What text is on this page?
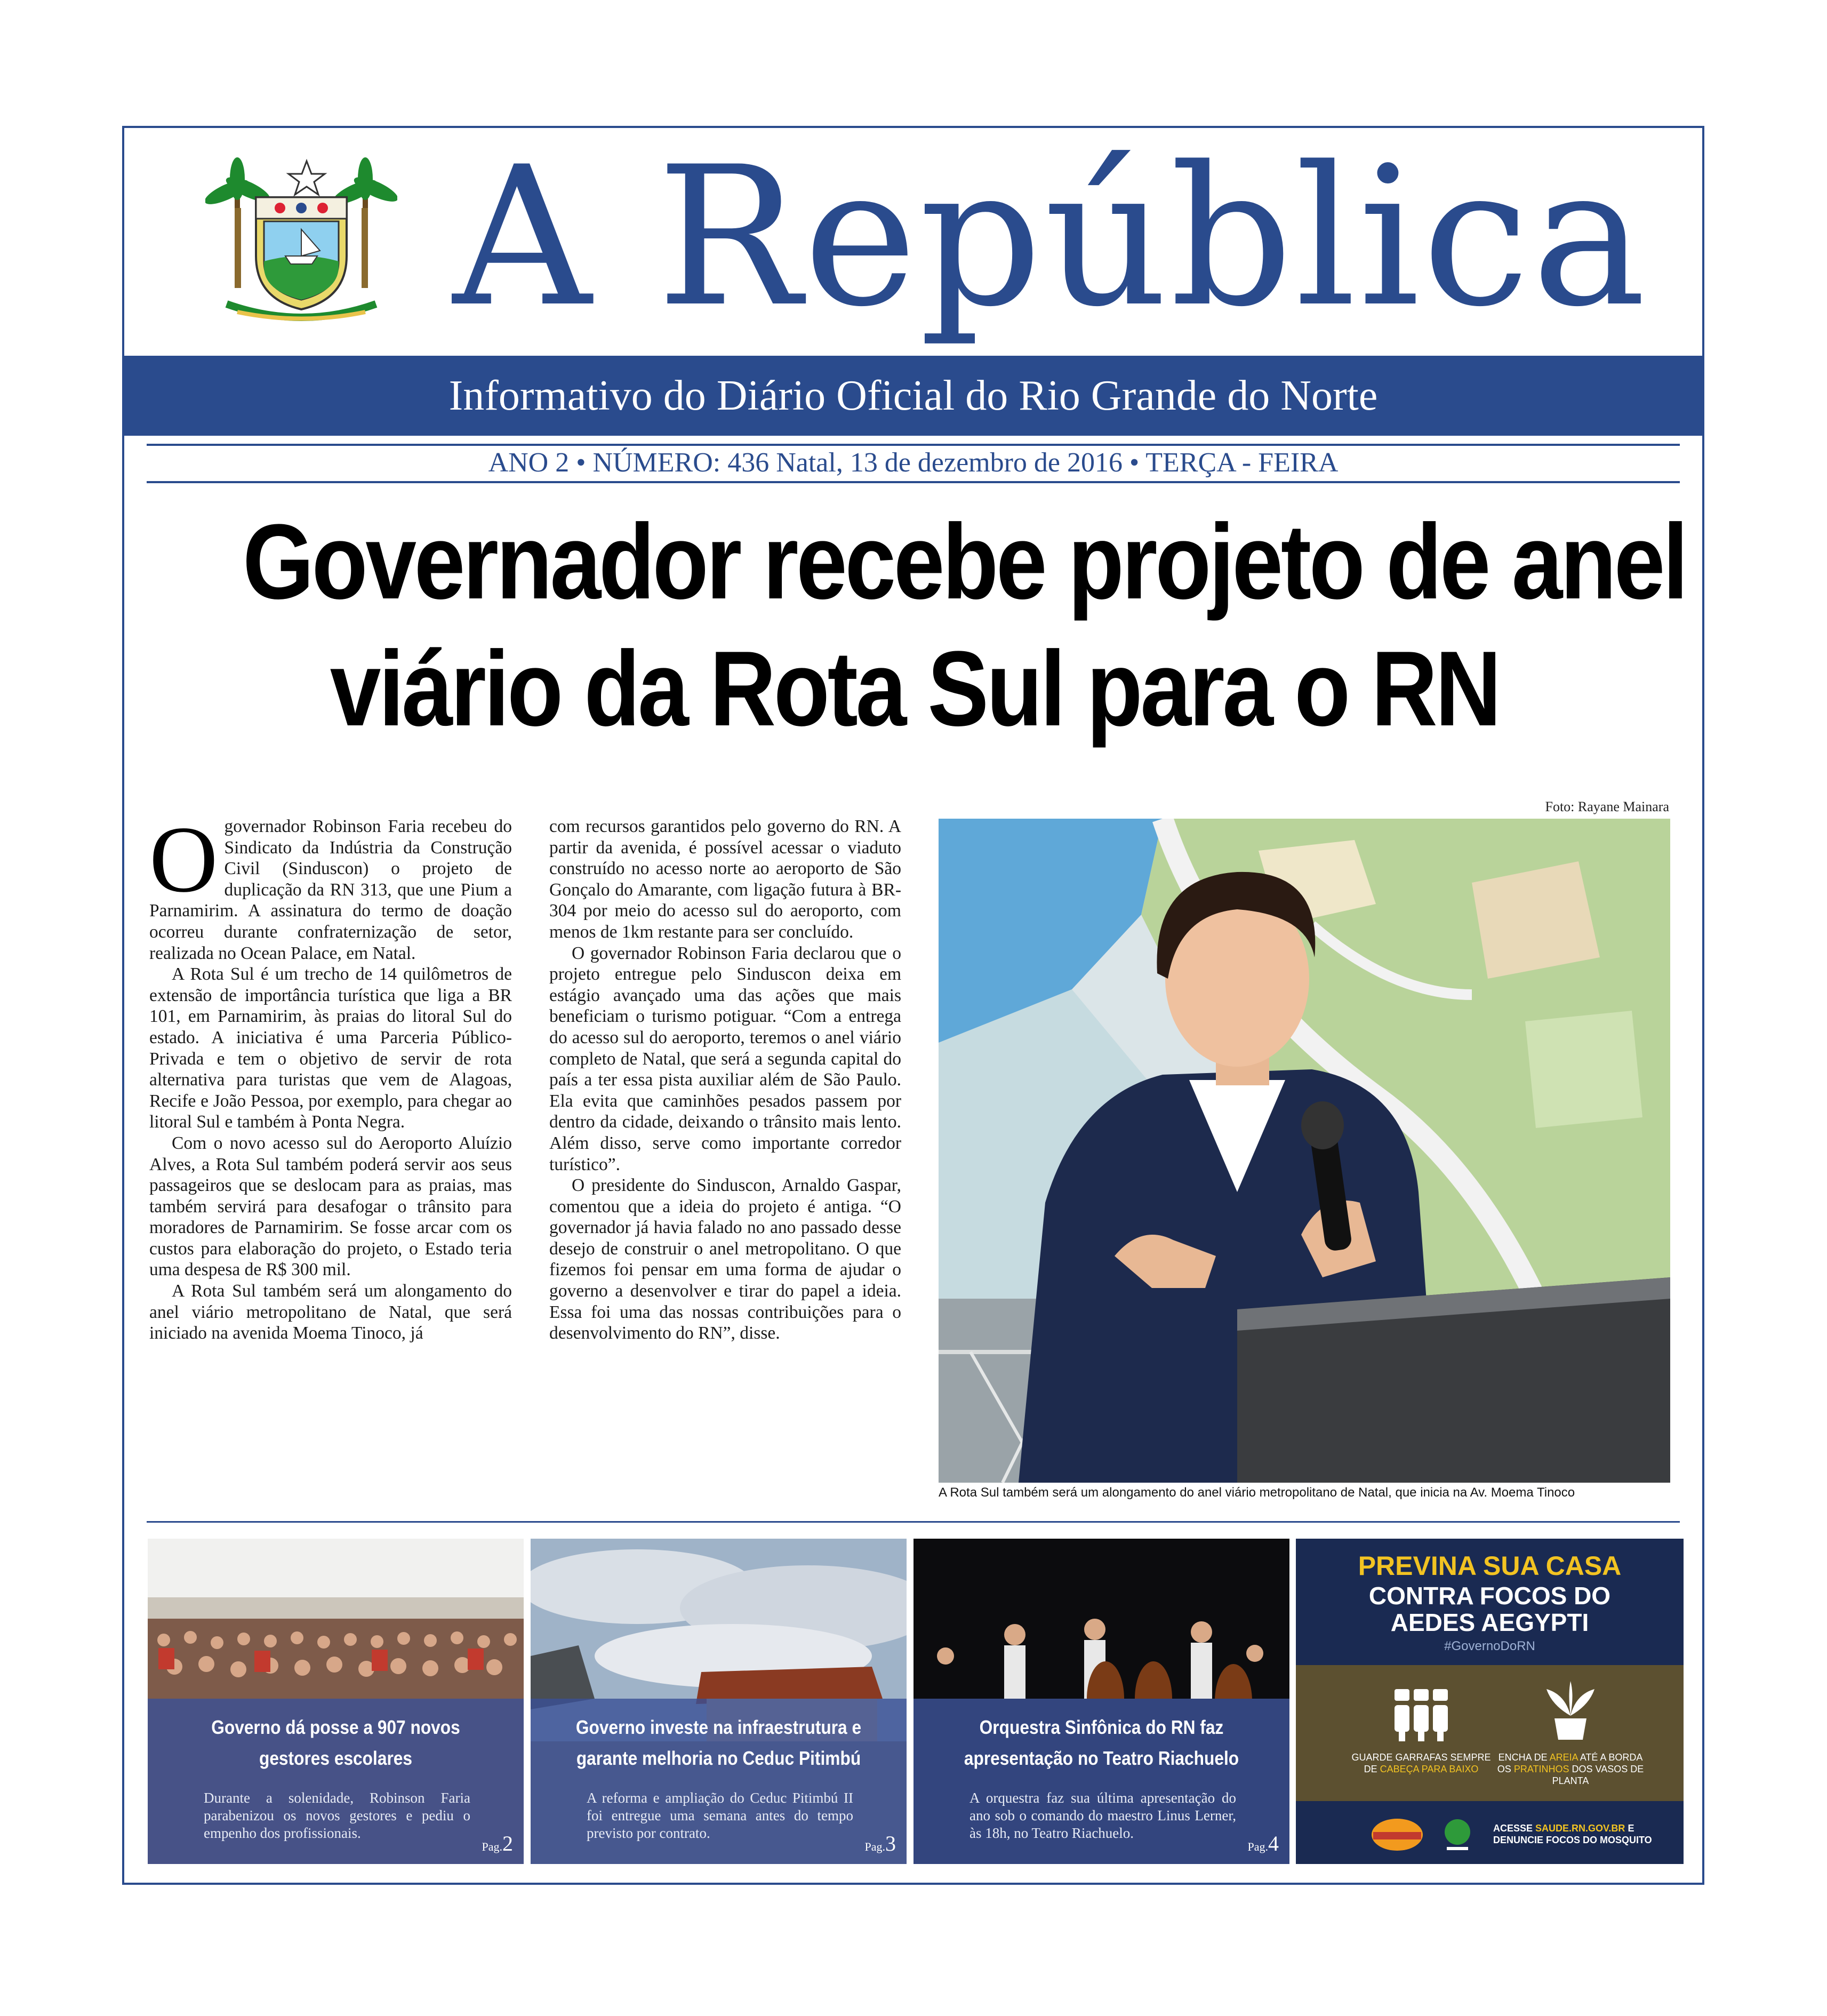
A República
Informativo do Diário Oficial do Rio Grande do Norte
ANO 2 • NÚMERO: 436 Natal, 13 de dezembro de 2016 • TERÇA - FEIRA
Governador recebe projeto de anel
viário da Rota Sul para o RN

Ogovernador Robinson Faria recebeu do Sindicato da Indústria da Construção Civil (Sinduscon) o projeto de duplicação da RN 313, que une Pium a Parnamirim. A assinatura do termo de doação ocorreu durante confraternização de setor, realizada no Ocean Palace, em Natal.

A Rota Sul é um trecho de 14 quilômetros de extensão de importância turística que liga a BR 101, em Parnamirim, às praias do litoral Sul do estado. A iniciativa é uma Parceria Público-Privada e tem o objetivo de servir de rota alternativa para turistas que vem de Alagoas, Recife e João Pessoa, por exemplo, para chegar ao litoral Sul e também à Ponta Negra.

Com o novo acesso sul do Aeroporto Aluízio Alves, a Rota Sul também poderá servir aos seus passageiros que se deslocam para as praias, mas também servirá para desafogar o trânsito para moradores de Parnamirim. Se fosse arcar com os custos para elaboração do projeto, o Estado teria uma despesa de R$ 300 mil.

A Rota Sul também será um alongamento do anel viário metropolitano de Natal, que será iniciado na avenida Moema Tinoco, já

com recursos garantidos pelo governo do RN. A partir da avenida, é possível acessar o viaduto construído no acesso norte ao aeroporto de São Gonçalo do Amarante, com ligação futura à BR- 304 por meio do acesso sul do aeroporto, com menos de 1km restante para ser concluído.

O governador Robinson Faria declarou que o projeto entregue pelo Sinduscon deixa em estágio avançado uma das ações que mais beneficiam o turismo potiguar. “Com a entrega do acesso sul do aeroporto, teremos o anel viário completo de Natal, que será a segunda capital do país a ter essa pista auxiliar além de São Paulo. Ela evita que caminhões pesados passem por dentro da cidade, deixando o trânsito mais lento. Além disso, serve como importante corredor turístico”.

O presidente do Sinduscon, Arnaldo Gaspar, comentou que a ideia do projeto é antiga. “O governador já havia falado no ano passado desse desejo de construir o anel metropolitano. O que fizemos foi pensar em uma forma de ajudar o governo a desenvolver e tirar do papel a ideia. Essa foi uma das nossas contribuições para o desenvolvimento do RN”, disse.

Foto: Rayane Mainara
A Rota Sul também será um alongamento do anel viário metropolitano de Natal, que inicia na Av. Moema Tinoco
Governo dá posse a 907 novos gestores escolares
Durante a solenidade, Robinson Faria parabenizou os novos gestores e pediu o empenho dos profissionais.
Pag.2
Governo investe na infraestrutura e garante melhoria no Ceduc Pitimbú
A reforma e ampliação do Ceduc Pitimbú II foi entregue uma semana antes do tempo previsto por contrato.
Pag.3
Orquestra Sinfônica do RN faz apresentação no Teatro Riachuelo
A orquestra faz sua última apresentação do ano sob o comando do maestro Linus Lerner, às 18h, no Teatro Riachuelo.
Pag.4
PREVINA SUA CASA
CONTRA FOCOS DO
AEDES AEGYPTI
#GovernoDoRN
GUARDE GARRAFAS SEMPRE DE CABEÇA PARA BAIXO
ENCHA DE AREIA ATÉ A BORDA OS PRATINHOS DOS VASOS DE PLANTA
ACESSE SAUDE.RN.GOV.BR E DENUNCIE FOCOS DO MOSQUITO
